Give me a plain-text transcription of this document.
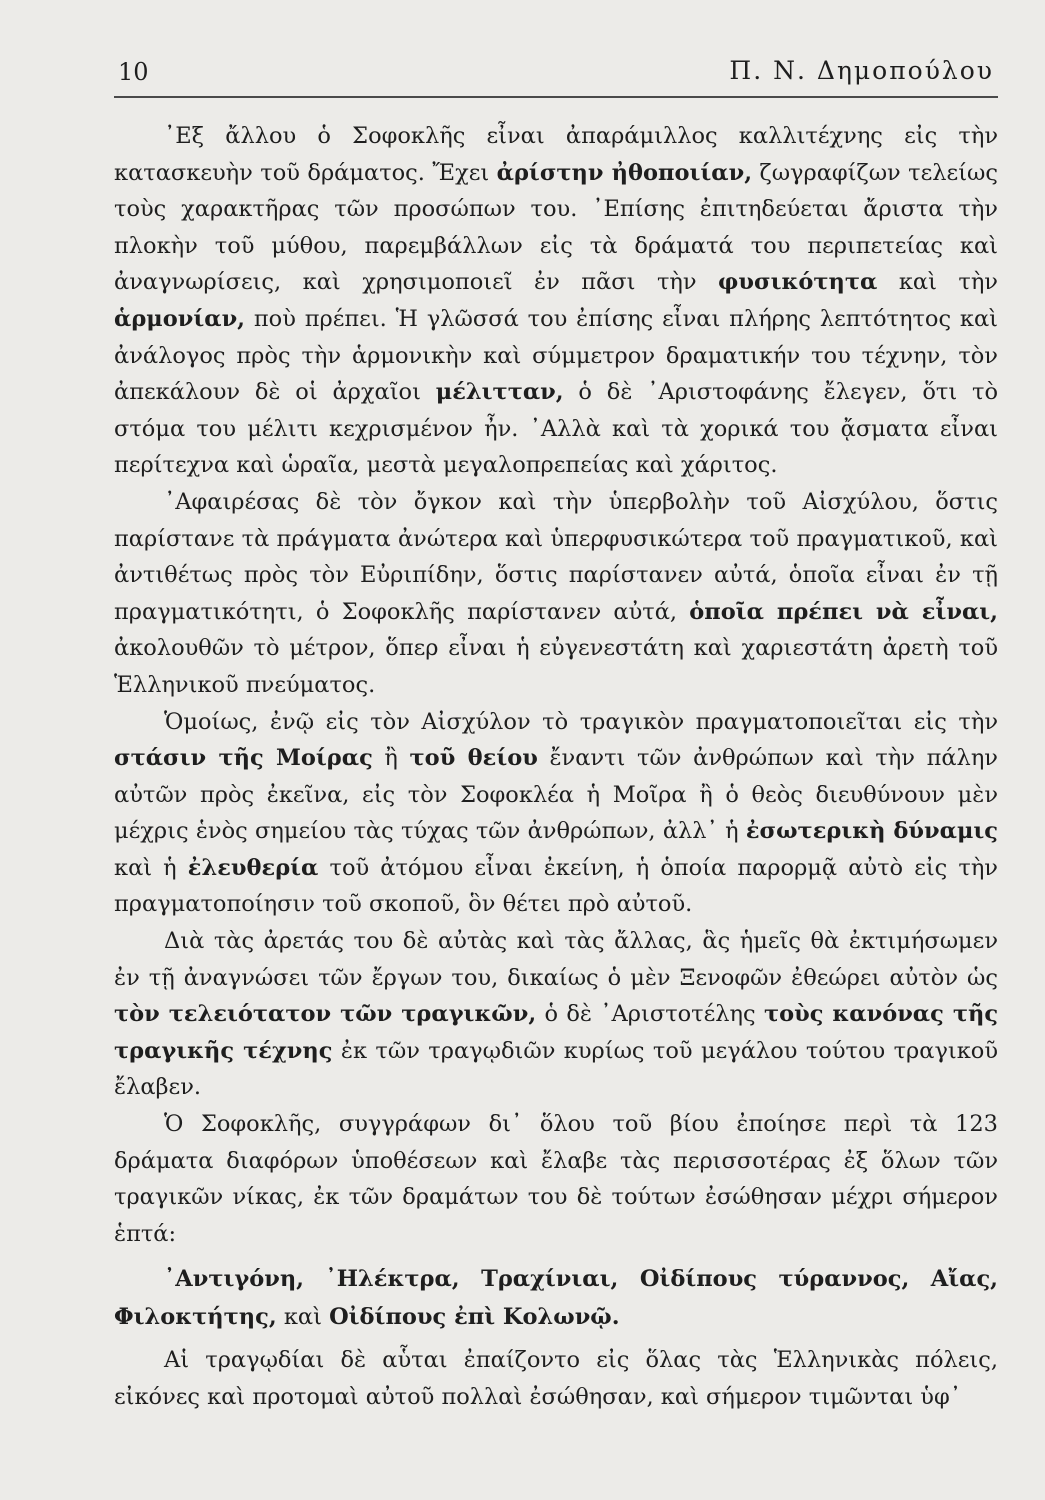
10	Π. Ν. Δημοπούλου

᾿Εξ ἄλλου ὁ Σοφοκλῆς εἶναι ἀπαράμιλλος καλλιτέχνης εἰς τὴν κατασκευὴν τοῦ δράματος. Ἔχει ἀρίστην ἠθοποιίαν, ζωγραφίζων τελείως τοὺς χαρακτῆρας τῶν προσώπων του. ᾿Επίσης ἐπιτηδεύεται ἄριστα τὴν πλοκὴν τοῦ μύθου, παρεμβάλλων εἰς τὰ δράματά του περιπετείας καὶ ἀναγνωρίσεις, καὶ χρησιμοποιεῖ ἐν πᾶσι τὴν φυσικότητα καὶ τὴν ἁρμονίαν, ποὺ πρέπει. Ἡ γλῶσσά του ἐπίσης εἶναι πλήρης λεπτότητος καὶ ἀνάλογος πρὸς τὴν ἁρμονικὴν καὶ σύμμετρον δραματικήν του τέχνην, τὸν ἀπεκάλουν δὲ οἱ ἀρχαῖοι μέλιτταν, ὁ δὲ ᾿Αριστοφάνης ἔλεγεν, ὅτι τὸ στόμα του μέλιτι κεχρισμένον ἦν. ᾿Αλλὰ καὶ τὰ χορικά του ᾄσματα εἶναι περίτεχνα καὶ ὡραῖα, μεστὰ μεγαλοπρεπείας καὶ χάριτος.

᾿Αφαιρέσας δὲ τὸν ὄγκον καὶ τὴν ὑπερβολὴν τοῦ Αἰσχύλου, ὅστις παρίστανε τὰ πράγματα ἀνώτερα καὶ ὑπερφυσικώτερα τοῦ πραγματικοῦ, καὶ ἀντιθέτως πρὸς τὸν Εὐριπίδην, ὅστις παρίστανεν αὐτά, ὁποῖα εἶναι ἐν τῇ πραγματικότητι, ὁ Σοφοκλῆς παρίστανεν αὐτά, ὁποῖα πρέπει νὰ εἶναι, ἀκολουθῶν τὸ μέτρον, ὅπερ εἶναι ἡ εὐγενεστάτη καὶ χαριεστάτη ἀρετὴ τοῦ Ἑλληνικοῦ πνεύματος.

Ὁμοίως, ἐνῷ εἰς τὸν Αἰσχύλον τὸ τραγικὸν πραγματοποιεῖται εἰς τὴν στάσιν τῆς Μοίρας ἢ τοῦ θείου ἔναντι τῶν ἀνθρώπων καὶ τὴν πάλην αὐτῶν πρὸς ἐκεῖνα, εἰς τὸν Σοφοκλέα ἡ Μοῖρα ἢ ὁ θεὸς διευθύνουν μὲν μέχρις ἑνὸς σημείου τὰς τύχας τῶν ἀνθρώπων, ἀλλ᾿ ἡ ἐσωτερικὴ δύναμις καὶ ἡ ἐλευθερία τοῦ ἀτόμου εἶναι ἐκείνη, ἡ ὁποία παρορμᾷ αὐτὸ εἰς τὴν πραγματοποίησιν τοῦ σκοποῦ, ὃν θέτει πρὸ αὐτοῦ.

Διὰ τὰς ἀρετάς του δὲ αὐτὰς καὶ τὰς ἄλλας, ἃς ἡμεῖς θὰ ἐκτιμήσωμεν ἐν τῇ ἀναγνώσει τῶν ἔργων του, δικαίως ὁ μὲν Ξενοφῶν ἐθεώρει αὐτὸν ὡς τὸν τελειότατον τῶν τραγικῶν, ὁ δὲ ᾿Αριστοτέλης τοὺς κανόνας τῆς τραγικῆς τέχνης ἐκ τῶν τραγῳδιῶν κυρίως τοῦ μεγάλου τούτου τραγικοῦ ἔλαβεν.

Ὁ Σοφοκλῆς, συγγράφων δι᾿ ὅλου τοῦ βίου ἐποίησε περὶ τὰ 123 δράματα διαφόρων ὑποθέσεων καὶ ἔλαβε τὰς περισσοτέρας ἐξ ὅλων τῶν τραγικῶν νίκας, ἐκ τῶν δραμάτων του δὲ τούτων ἐσώθησαν μέχρι σήμερον ἑπτά:

᾿Αντιγόνη, ᾿Ηλέκτρα, Τραχίνιαι, Οἰδίπους τύραννος, Αἴας, Φιλοκτήτης, καὶ Οἰδίπους ἐπὶ Κολωνῷ.

Αἱ τραγῳδίαι δὲ αὗται ἐπαίζοντο εἰς ὅλας τὰς Ἑλληνικὰς πόλεις, εἰκόνες καὶ προτομαὶ αὐτοῦ πολλαὶ ἐσώθησαν, καὶ σήμερον τιμῶνται ὑφ᾿
